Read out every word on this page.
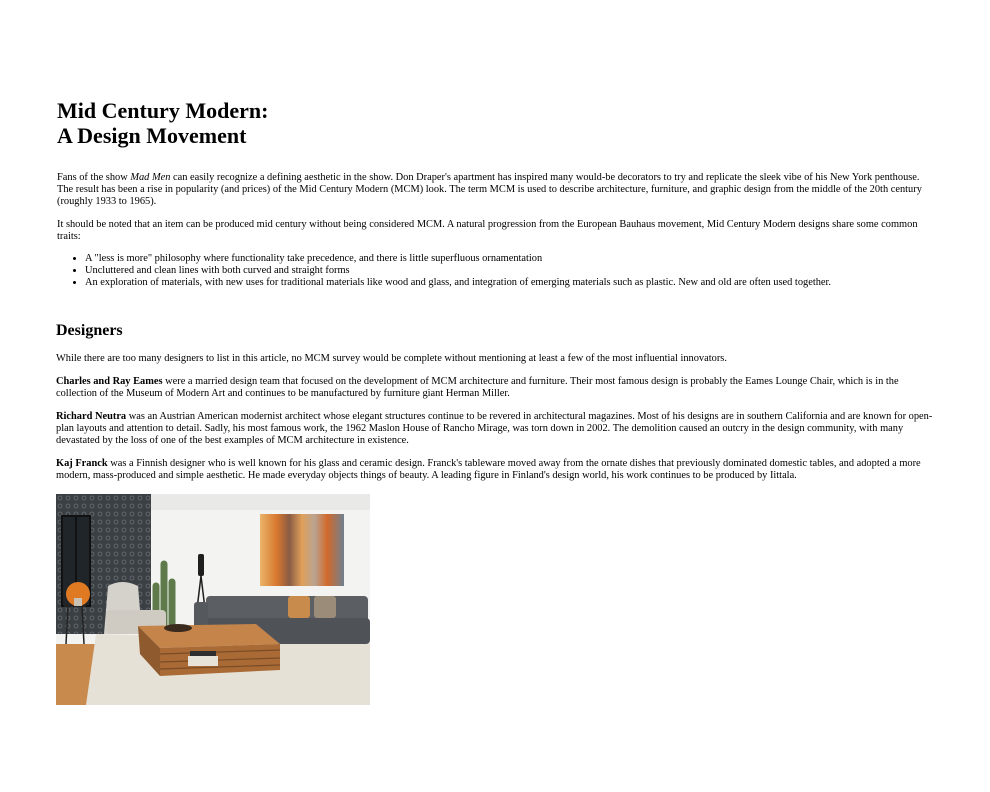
Mid Century Modern:
A Design Movement

Fans of the show Mad Men can easily recognize a defining aesthetic in the show. Don Draper's apartment has inspired many would-be decorators to try and replicate the sleek vibe of his New York penthouse. The result has been a rise in popularity (and prices) of the Mid Century Modern (MCM) look. The term MCM is used to describe architecture, furniture, and graphic design from the middle of the 20th century (roughly 1933 to 1965).

It should be noted that an item can be produced mid century without being considered MCM. A natural progression from the European Bauhaus movement, Mid Century Modern designs share some common traits:

• A "less is more" philosophy where functionality take precedence, and there is little superfluous ornamentation
• Uncluttered and clean lines with both curved and straight forms
• An exploration of materials, with new uses for traditional materials like wood and glass, and integration of emerging materials such as plastic. New and old are often used together.
Designers

While there are too many designers to list in this article, no MCM survey would be complete without mentioning at least a few of the most influential innovators.

Charles and Ray Eames were a married design team that focused on the development of MCM architecture and furniture. Their most famous design is probably the Eames Lounge Chair, which is in the collection of the Museum of Modern Art and continues to be manufactured by furniture giant Herman Miller.

Richard Neutra was an Austrian American modernist architect whose elegant structures continue to be revered in architectural magazines. Most of his designs are in southern California and are known for open-plan layouts and attention to detail. Sadly, his most famous work, the 1962 Maslon House of Rancho Mirage, was torn down in 2002. The demolition caused an outcry in the design community, with many devastated by the loss of one of the best examples of MCM architecture in existence.

Kaj Franck was a Finnish designer who is well known for his glass and ceramic design. Franck's tableware moved away from the ornate dishes that previously dominated domestic tables, and adopted a more modern, mass-produced and simple aesthetic. He made everyday objects things of beauty. A leading figure in Finland's design world, his work continues to be produced by Iittala.
